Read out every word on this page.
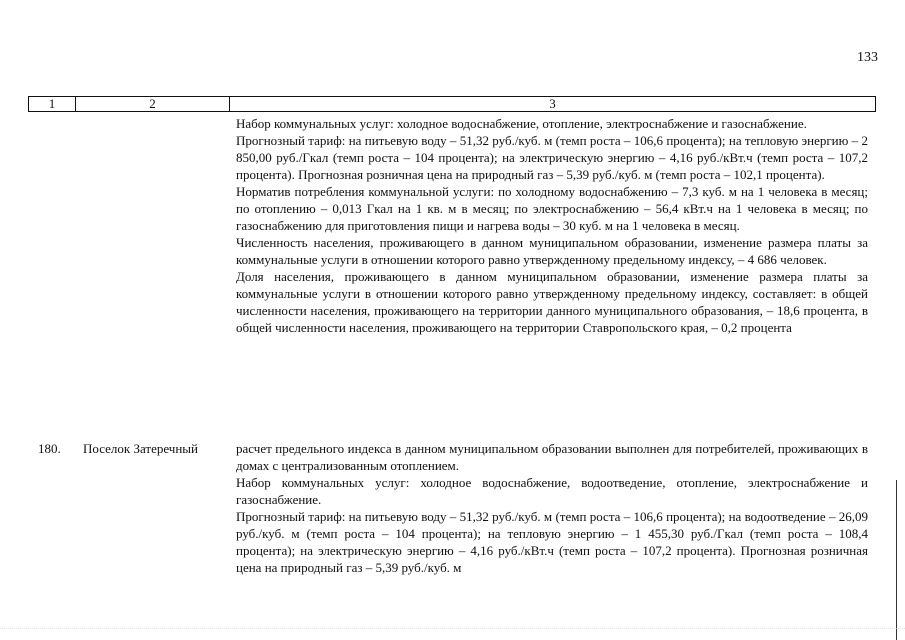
133
1	2	3

Набор коммунальных услуг: холодное водоснабжение, отопление, электроснабжение и газоснабжение.

Прогнозный тариф: на питьевую воду – 51,32 руб./куб. м (темп роста – 106,6 процента); на тепловую энергию – 2 850,00 руб./Гкал (темп роста – 104 процента); на электрическую энергию – 4,16 руб./кВт.ч (темп роста – 107,2 процента). Прогнозная розничная цена на природный газ – 5,39 руб./куб. м (темп роста – 102,1 процента).

Норматив потребления коммунальной услуги: по холодному водоснабжению – 7,3 куб. м на 1 человека в месяц; по отоплению – 0,013 Гкал на 1 кв. м в месяц; по электроснабжению – 56,4 кВт.ч на 1 человека в месяц; по газоснабжению для приготовления пищи и нагрева воды – 30 куб. м на 1 человека в месяц.

Численность населения, проживающего в данном муниципальном образовании, изменение размера платы за коммунальные услуги в отношении которого равно утвержденному предельному индексу, – 4 686 человек.

Доля населения, проживающего в данном муниципальном образовании, изменение размера платы за коммунальные услуги в отношении которого равно утвержденному предельному индексу, составляет: в общей численности населения, проживающего на территории данного муниципального образования, – 18,6 процента, в общей численности населения, проживающего на территории Ставропольского края, – 0,2 процента

180.	Поселок Затеречный	расчет предельного индекса в данном муниципальном образовании выполнен для потребителей, проживающих в домах с централизованным отоплением.

Набор коммунальных услуг: холодное водоснабжение, водоотведение, отопление, электроснабжение и газоснабжение.

Прогнозный тариф: на питьевую воду – 51,32 руб./куб. м (темп роста – 106,6 процента); на водоотведение – 26,09 руб./куб. м (темп роста – 104 процента); на тепловую энергию – 1 455,30 руб./Гкал (темп роста – 108,4 процента); на электрическую энергию – 4,16 руб./кВт.ч (темп роста – 107,2 процента). Прогнозная розничная цена на природный газ – 5,39 руб./куб. м
